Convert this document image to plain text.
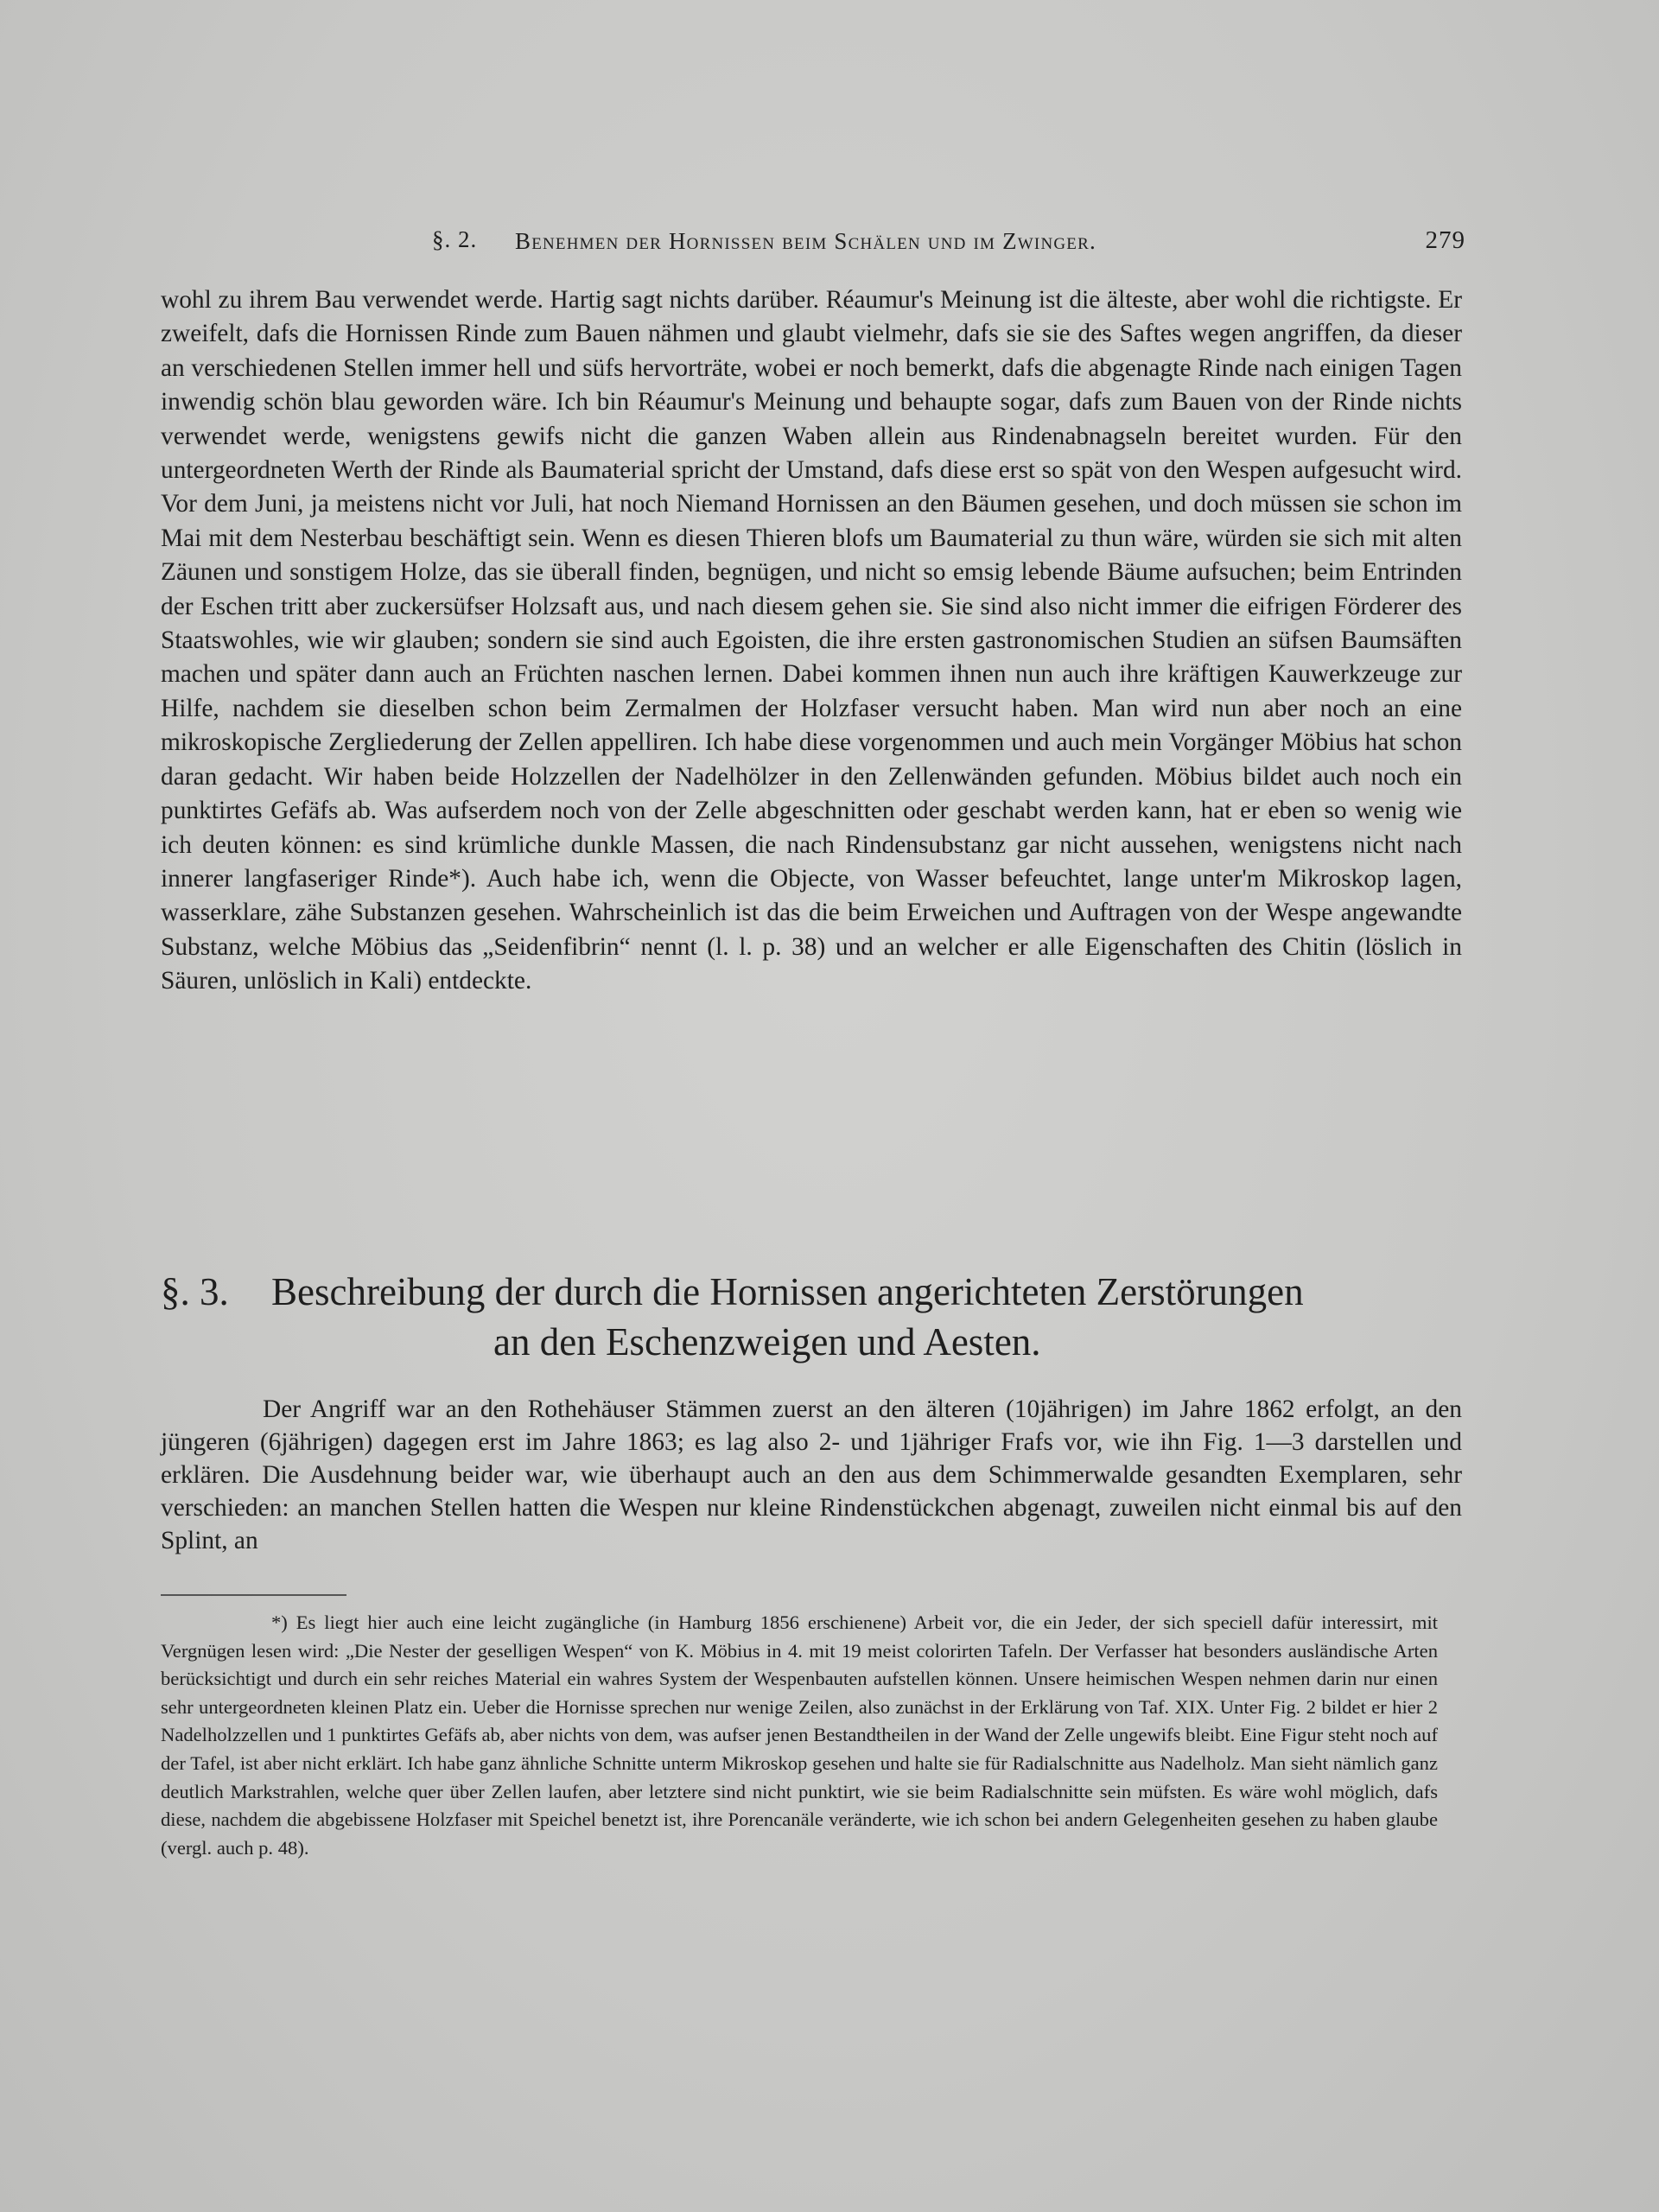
§. 2. Benehmen der Hornissen beim Schälen und im Zwinger.	279

wohl zu ihrem Bau verwendet werde. Hartig sagt nichts darüber. Réaumur's Meinung ist die älteste, aber wohl die richtigste. Er zweifelt, dafs die Hornissen Rinde zum Bauen nähmen und glaubt vielmehr, dafs sie sie des Saftes wegen angriffen, da dieser an verschiedenen Stellen immer hell und süfs hervorträte, wobei er noch bemerkt, dafs die abgenagte Rinde nach einigen Tagen inwendig schön blau geworden wäre. Ich bin Réaumur's Meinung und behaupte sogar, dafs zum Bauen von der Rinde nichts verwendet werde, wenigstens gewifs nicht die ganzen Waben allein aus Rindenabnagseln bereitet wurden. Für den untergeordneten Werth der Rinde als Baumaterial spricht der Umstand, dafs diese erst so spät von den Wespen aufgesucht wird. Vor dem Juni, ja meistens nicht vor Juli, hat noch Niemand Hornissen an den Bäumen gesehen, und doch müssen sie schon im Mai mit dem Nesterbau beschäftigt sein. Wenn es diesen Thieren blofs um Baumaterial zu thun wäre, würden sie sich mit alten Zäunen und sonstigem Holze, das sie überall finden, begnügen, und nicht so emsig lebende Bäume aufsuchen; beim Entrinden der Eschen tritt aber zuckersüfser Holzsaft aus, und nach diesem gehen sie. Sie sind also nicht immer die eifrigen Förderer des Staatswohles, wie wir glauben; sondern sie sind auch Egoisten, die ihre ersten gastronomischen Studien an süfsen Baumsäften machen und später dann auch an Früchten naschen lernen. Dabei kommen ihnen nun auch ihre kräftigen Kauwerkzeuge zur Hilfe, nachdem sie dieselben schon beim Zermalmen der Holzfaser versucht haben. Man wird nun aber noch an eine mikroskopische Zergliederung der Zellen appelliren. Ich habe diese vorgenommen und auch mein Vorgänger Möbius hat schon daran gedacht. Wir haben beide Holzzellen der Nadelhölzer in den Zellenwänden gefunden. Möbius bildet auch noch ein punktirtes Gefäfs ab. Was aufserdem noch von der Zelle abgeschnitten oder geschabt werden kann, hat er eben so wenig wie ich deuten können: es sind krümliche dunkle Massen, die nach Rindensubstanz gar nicht aussehen, wenigstens nicht nach innerer langfaseriger Rinde*). Auch habe ich, wenn die Objecte, von Wasser befeuchtet, lange unter'm Mikroskop lagen, wasserklare, zähe Substanzen gesehen. Wahrscheinlich ist das die beim Erweichen und Auftragen von der Wespe angewandte Substanz, welche Möbius das „Seidenfibrin“ nennt (l. l. p. 38) und an welcher er alle Eigenschaften des Chitin (löslich in Säuren, unlöslich in Kali) entdeckte.

§. 3. Beschreibung der durch die Hornissen angerichteten Zerstörungen
an den Eschenzweigen und Aesten.
Der Angriff war an den Rothehäuser Stämmen zuerst an den älteren (10jährigen) im Jahre 1862 erfolgt, an den jüngeren (6jährigen) dagegen erst im Jahre 1863; es lag also 2- und 1jähriger Frafs vor, wie ihn Fig. 1—3 darstellen und erklären. Die Ausdehnung beider war, wie überhaupt auch an den aus dem Schimmerwalde gesandten Exemplaren, sehr verschieden: an manchen Stellen hatten die Wespen nur kleine Rindenstückchen abgenagt, zuweilen nicht einmal bis auf den Splint, an
*) Es liegt hier auch eine leicht zugängliche (in Hamburg 1856 erschienene) Arbeit vor, die ein Jeder, der sich speciell dafür interessirt, mit Vergnügen lesen wird: „Die Nester der geselligen Wespen“ von K. Möbius in 4. mit 19 meist colorirten Tafeln. Der Verfasser hat besonders ausländische Arten berücksichtigt und durch ein sehr reiches Material ein wahres System der Wespenbauten aufstellen können. Unsere heimischen Wespen nehmen darin nur einen sehr untergeordneten kleinen Platz ein. Ueber die Hornisse sprechen nur wenige Zeilen, also zunächst in der Erklärung von Taf. XIX. Unter Fig. 2 bildet er hier 2 Nadelholzzellen und 1 punktirtes Gefäfs ab, aber nichts von dem, was aufser jenen Bestandtheilen in der Wand der Zelle ungewifs bleibt. Eine Figur steht noch auf der Tafel, ist aber nicht erklärt. Ich habe ganz ähnliche Schnitte unterm Mikroskop gesehen und halte sie für Radialschnitte aus Nadelholz. Man sieht nämlich ganz deutlich Markstrahlen, welche quer über Zellen laufen, aber letztere sind nicht punktirt, wie sie beim Radialschnitte sein müfsten. Es wäre wohl möglich, dafs diese, nachdem die abgebissene Holzfaser mit Speichel benetzt ist, ihre Porencanäle veränderte, wie ich schon bei andern Gelegenheiten gesehen zu haben glaube (vergl. auch p. 48).
